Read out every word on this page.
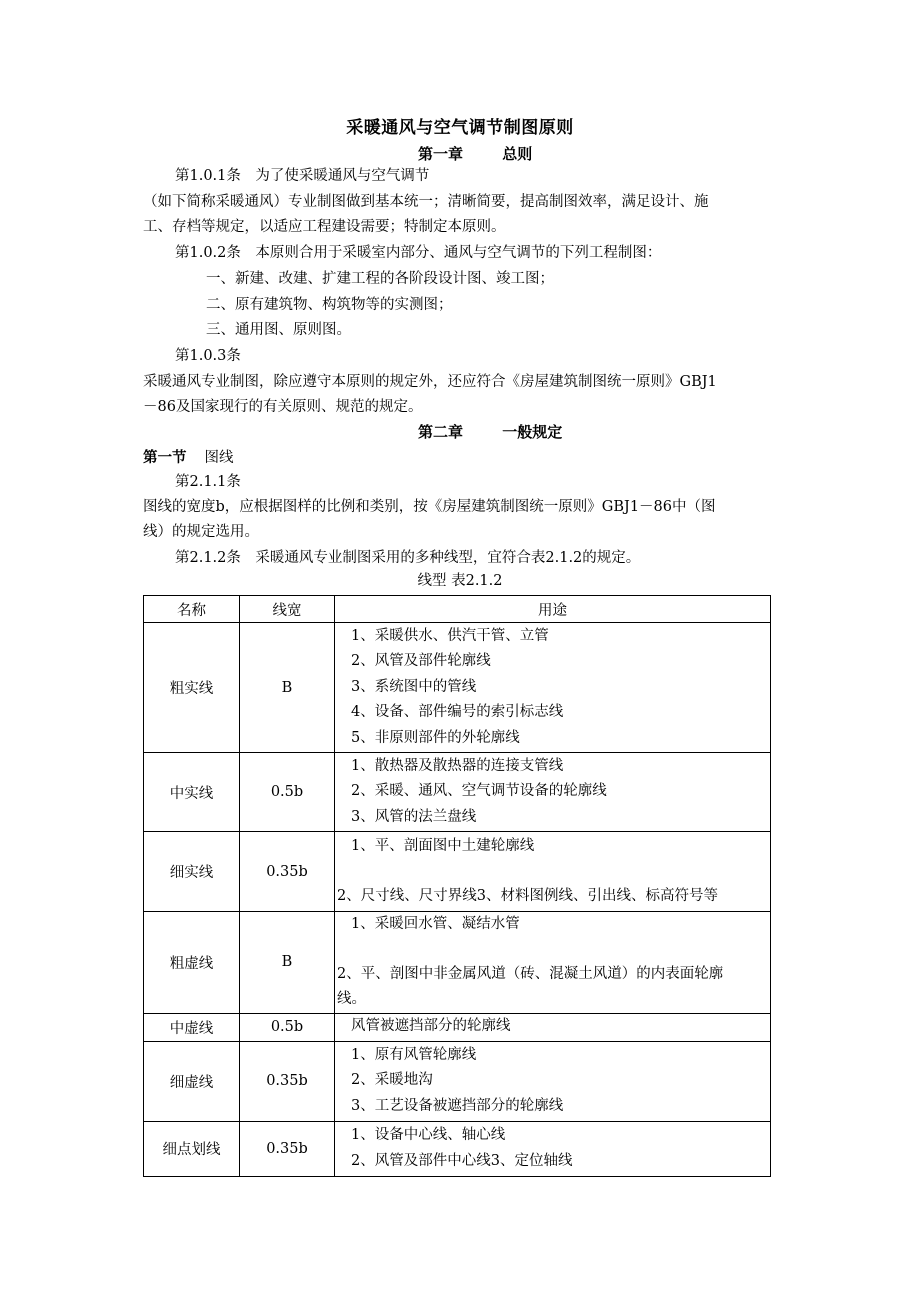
采暖通风与空气调节制图原则
第一章	总则
第1.0.1条　为了使采暖通风与空气调节
（如下简称采暖通风）专业制图做到基本统一；清晰简要，提高制图效率，满足设计、施
工、存档等规定，以适应工程建设需要；特制定本原则。
第1.0.2条　本原则合用于采暖室内部分、通风与空气调节的下列工程制图：
一、新建、改建、扩建工程的各阶段设计图、竣工图；
二、原有建筑物、构筑物等的实测图；
三、通用图、原则图。
第1.0.3条
采暖通风专业制图，除应遵守本原则的规定外，还应符合《房屋建筑制图统一原则》GBJ1
－86及国家现行的有关原则、规范的规定。
第二章	一般规定
第一节 图线
第2.1.1条
图线的宽度b，应根据图样的比例和类别，按《房屋建筑制图统一原则》GBJ1－86中（图
线）的规定选用。
第2.1.2条　采暖通风专业制图采用的多种线型，宜符合表2.1.2的规定。
线型 表2.1.2
名称	线宽	用途
粗实线	B	1、采暖供水、供汽干管、立管
2、风管及部件轮廓线
3、系统图中的管线
4、设备、部件编号的索引标志线
5、非原则部件的外轮廓线

中实线	0.5b	1、散热器及散热器的连接支管线
2、采暖、通风、空气调节设备的轮廓线
3、风管的法兰盘线

细实线	0.35b	1、平、剖面图中土建轮廓线
2、尺寸线、尺寸界线3、材料图例线、引出线、标高符号等

粗虚线	B	1、采暖回水管、凝结水管
2、平、剖图中非金属风道（砖、混凝土风道）的内表面轮廓
线。

中虚线	0.5b	风管被遮挡部分的轮廓线

细虚线	0.35b	1、原有风管轮廓线
2、采暖地沟
3、工艺设备被遮挡部分的轮廓线

细点划线	0.35b	1、设备中心线、轴心线
2、风管及部件中心线3、定位轴线
